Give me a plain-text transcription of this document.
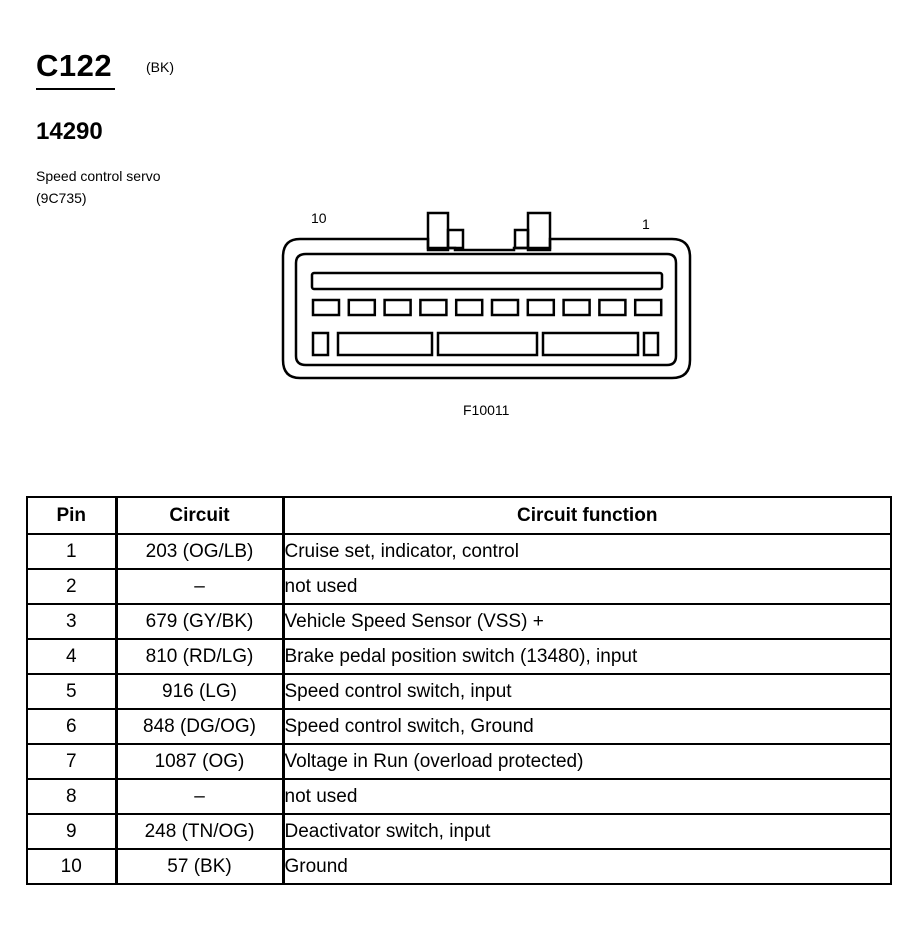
C122 (BK)
14290
Speed control servo
(9C735)
10	1
F10011
Pin	Circuit	Circuit function
1	203 (OG/LB)	Cruise set, indicator, control
2	–	not used
3	679 (GY/BK)	Vehicle Speed Sensor (VSS) +
4	810 (RD/LG)	Brake pedal position switch (13480), input
5	916 (LG)	Speed control switch, input
6	848 (DG/OG)	Speed control switch, Ground
7	1087 (OG)	Voltage in Run (overload protected)
8	–	not used
9	248 (TN/OG)	Deactivator switch, input
10	57 (BK)	Ground
